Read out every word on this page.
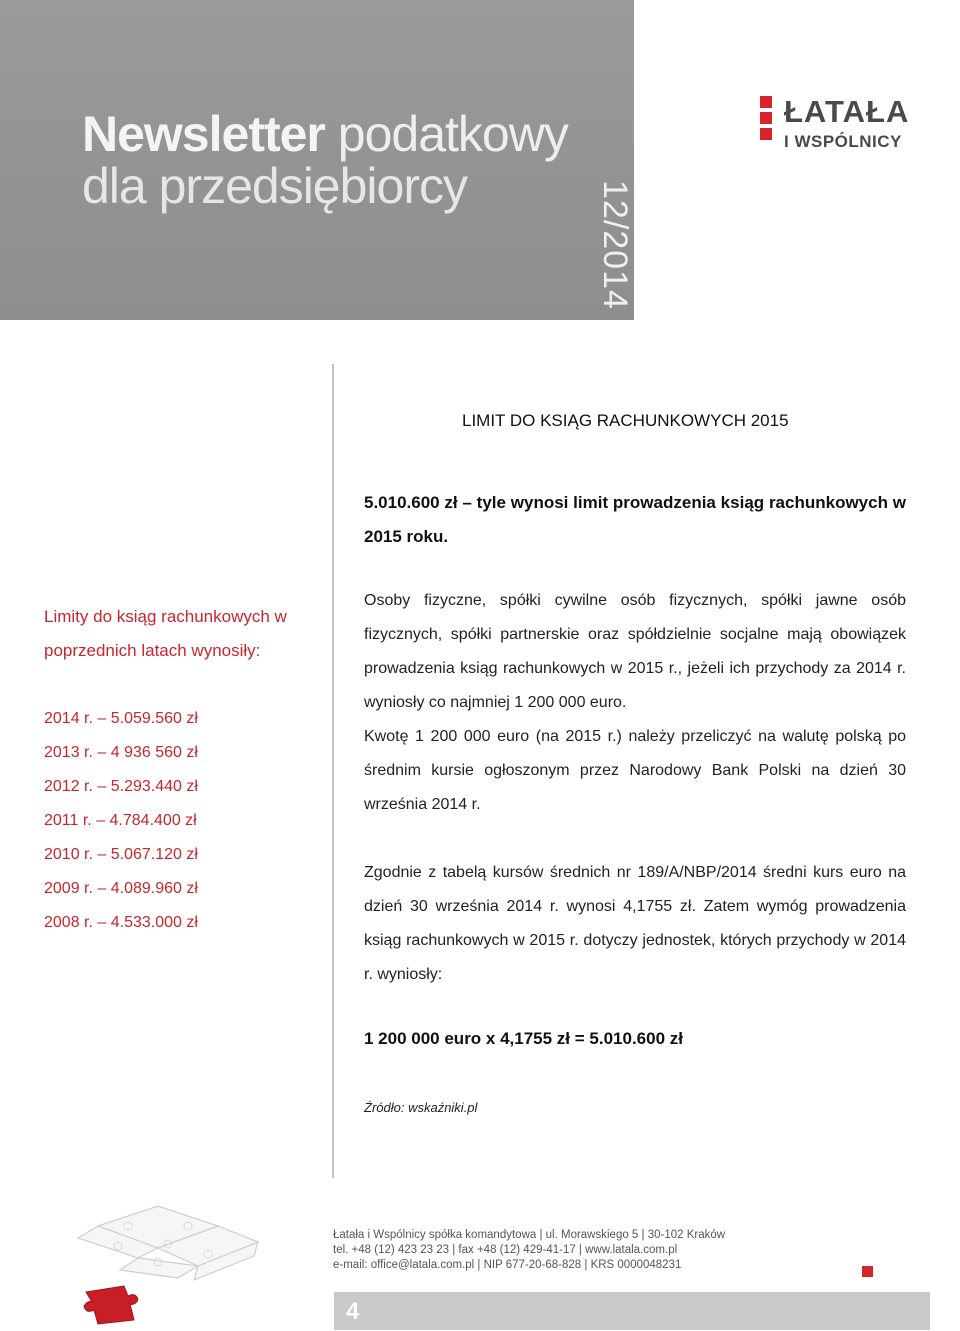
Newsletter podatkowy
dla przedsiębiorcy	12/2014
ŁATAŁA
I WSPÓLNICY
LIMIT DO KSIĄG RACHUNKOWYCH 2015
5.010.600 zł – tyle wynosi limit prowadzenia ksiąg rachunkowych w 2015 roku.

Osoby fizyczne, spółki cywilne osób fizycznych, spółki jawne osób fizycznych, spółki partnerskie oraz spółdzielnie socjalne mają obowiązek prowadzenia ksiąg rachunkowych w 2015 r., jeżeli ich przychody za 2014 r. wyniosły co najmniej 1 200 000 euro.

Kwotę 1 200 000 euro (na 2015 r.) należy przeliczyć na walutę polską po średnim kursie ogłoszonym przez Narodowy Bank Polski na dzień 30 września 2014 r.

Zgodnie z tabelą kursów średnich nr 189/A/NBP/2014 średni kurs euro na dzień 30 września 2014 r. wynosi 4,1755 zł. Zatem wymóg prowadzenia ksiąg rachunkowych w 2015 r. dotyczy jednostek, których przychody w 2014 r. wyniosły:

1 200 000 euro x 4,1755 zł = 5.010.600 zł
Źródło: wskaźniki.pl
Limity do ksiąg rachunkowych w poprzednich latach wynosiły:
2014 r. – 5.059.560 zł
2013 r. – 4 936 560 zł
2012 r. – 5.293.440 zł
2011 r. – 4.784.400 zł
2010 r. – 5.067.120 zł
2009 r. – 4.089.960 zł
2008 r. – 4.533.000 zł
Łatała i Wspólnicy spółka komandytowa | ul. Morawskiego 5 | 30-102 Kraków
tel. +48 (12) 423 23 23 | fax +48 (12) 429-41-17 | www.latala.com.pl
e-mail: office@latala.com.pl | NIP 677-20-68-828 | KRS 0000048231
4
